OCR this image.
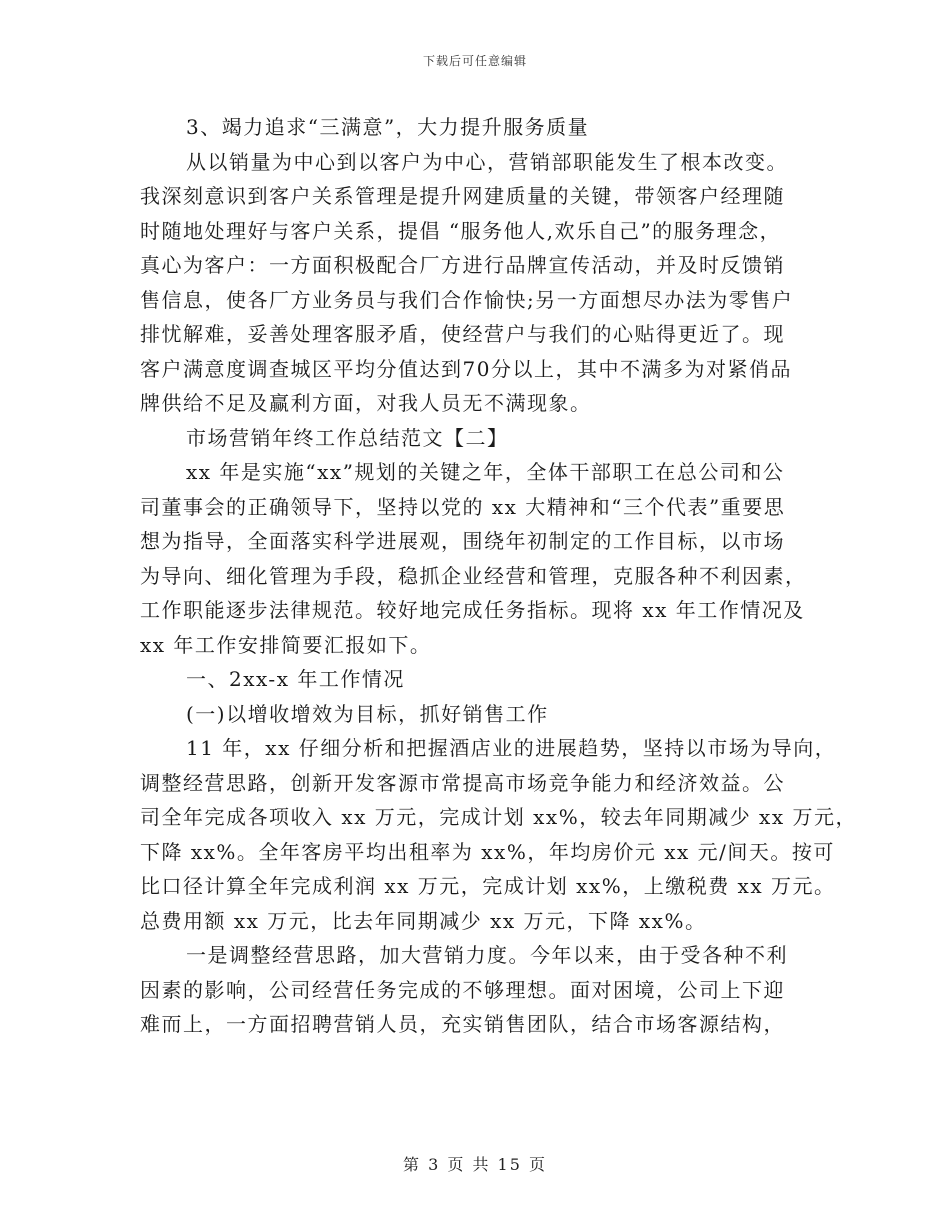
下载后可任意编辑
3、竭力追求“三满意”，大力提升服务质量
从以销量为中心到以客户为中心，营销部职能发生了根本改变。
我深刻意识到客户关系管理是提升网建质量的关键，带领客户经理随
时随地处理好与客户关系，提倡 “服务他人,欢乐自己”的服务理念，
真心为客户：一方面积极配合厂方进行品牌宣传活动，并及时反馈销
售信息，使各厂方业务员与我们合作愉快;另一方面想尽办法为零售户
排忧解难，妥善处理客服矛盾，使经营户与我们的心贴得更近了。现
客户满意度调查城区平均分值达到70分以上，其中不满多为对紧俏品
牌供给不足及赢利方面，对我人员无不满现象。
市场营销年终工作总结范文【二】
xx 年是实施“xx”规划的关键之年，全体干部职工在总公司和公
司董事会的正确领导下，坚持以党的 xx 大精神和“三个代表”重要思
想为指导，全面落实科学进展观，围绕年初制定的工作目标，以市场
为导向、细化管理为手段，稳抓企业经营和管理，克服各种不利因素，
工作职能逐步法律规范。较好地完成任务指标。现将 xx 年工作情况及
xx 年工作安排简要汇报如下。
一、2xx-x 年工作情况
(一)以增收增效为目标，抓好销售工作
11 年，xx 仔细分析和把握酒店业的进展趋势，坚持以市场为导向，
调整经营思路，创新开发客源市常提高市场竞争能力和经济效益。公
司全年完成各项收入 xx 万元，完成计划 xx%，较去年同期减少 xx 万元，
下降 xx%。全年客房平均出租率为 xx%，年均房价元 xx 元/间天。按可
比口径计算全年完成利润 xx 万元，完成计划 xx%，上缴税费 xx 万元。
总费用额 xx 万元，比去年同期减少 xx 万元，下降 xx%。
一是调整经营思路，加大营销力度。今年以来，由于受各种不利
因素的影响，公司经营任务完成的不够理想。面对困境，公司上下迎
难而上，一方面招聘营销人员，充实销售团队，结合市场客源结构，
第 3 页 共 15 页
